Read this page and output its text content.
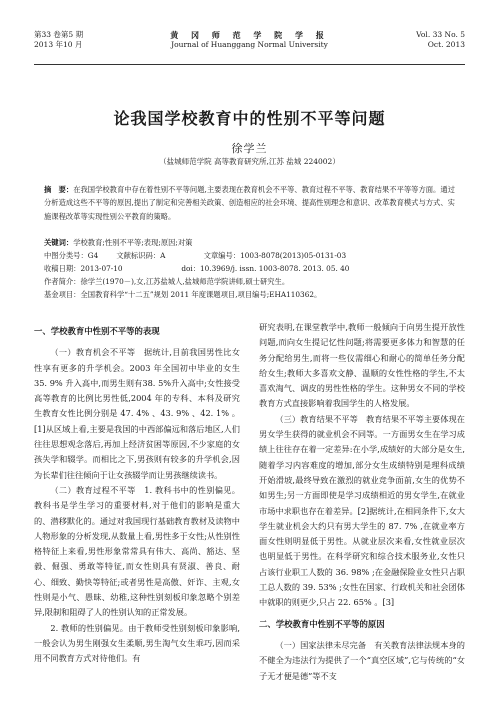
第33 卷第5 期
2013 年10 月
黄 冈 师 范 学 院 学 报
Journal of Huanggang Normal University
Vol. 33 No. 5
Oct. 2013
论我国学校教育中的性别不平等问题
徐学兰
（盐城师范学院 高等教育研究所,江苏 盐城 224002）
摘　要：在我国学校教育中存在着性别不平等问题,主要表现在教育机会不平等、教育过程不平等、教育结果不平等等方面。通过分析造成这些不平等的原因,提出了制定和完善相关政策、创造相应的社会环境、提高性别理念和意识、改革教育模式与方式、实施课程改革等实现性别公平教育的策略。
关键词：学校教育;性别不平等;表现;原因;对策
中图分类号：G4 文献标识码：A	文章编号：1003-8078(2013)05-0131-03
收稿日期：2013-07-10	doi：10.3969/j. issn. 1003-8078. 2013. 05. 40
作者简介：徐学兰(1970－),女,江苏盐城人,盐城师范学院讲师,硕士研究生。
基金项目：全国教育科学“十二五”规划 2011 年度课题项目,项目编号;EHA110362。

一、学校教育中性别不平等的表现

（一）教育机会不平等　据统计,目前我国男性比女性享有更多的升学机会。2003 年全国初中毕业的女生 35. 9% 升入高中,而男生则有38. 5%升入高中;女性接受高等教育的比例比男性低,2004 年的专科、本科及研究生教育女性比例分别是 47. 4% 、43. 9% 、42. 1% 。[1]从区域上看,主要是我国的中西部偏远和落后地区,人们往往思想观念落后,再加上经济贫困等原因,不少家庭的女孩失学和辍学。而相比之下,男孩则有较多的升学机会,因为长辈们往往倾向于让女孩辍学而让男孩继续读书。

（二）教育过程不平等　1. 教科书中的性别偏见。教科书是学生学习的重要材料,对于他们的影响是重大的、潜移默化的。通过对我国现行基础教育教材及读物中人物形象的分析发现,从数量上看,男性多于女性;从性别性格特征上来看,男性形象常常具有伟大、高尚、豁达、坚毅、倔强、勇敢等特征,而女性则具有贤淑、善良、耐心、细致、勤快等特征;或者男性是高傲、奸诈、主观,女性则是小气、愚昧、幼稚,这种性别刻板印象忽略个别差异,限制和阻碍了人的性别认知的正常发展。

2. 教师的性别偏见。由于教师受性别刻板印象影响,一般会认为男生刚强女生柔顺,男生淘气女生乖巧,因而采用不同教育方式对待他们。有

研究表明,在课堂教学中,教师一般倾向于向男生提开放性问题,而向女生提记忆性问题;将需要更多体力和智慧的任务分配给男生,而将一些仪需细心和耐心的简单任务分配给女生;教师大多喜欢文静、温顺的女性性格的学生,不太喜欢淘气、调皮的男性性格的学生。这种男女不同的学校教育方式直接影响着我国学生的人格发展。

（三）教育结果不平等　教育结果不平等主要体现在男女学生获得的就业机会不同等。一方面男女生在学习成绩上往往存在着一定差异:在小学,成绩好的大部分是女生,随着学习内容难度的增加,部分女生成绩特别是理科成绩开始滑坡,最终导致在激烈的就业竞争面前,女生的优势不如男生;另一方面即使是学习成绩相近的男女学生,在就业市场中求职也存在着差异。[2]据统计,在相同条件下,女大学生就业机会大约只有男大学生的 87. 7% ,在就业率方面女性则明显低于男性。从就业层次来看,女性就业层次也明显低于男性。在科学研究和综合技术服务业,女性只占该行业职工人数的 36. 98% ;在金融保险业女性只占职工总人数的 39. 53% ;女性在国家、行政机关和社会团体中就职的则更少,只占 22. 65% 。[3]

二、学校教育中性别不平等的原因

（一）国家法律未尽完备　有关教育法律法规本身的不健全为违法行为提供了一个“真空区域”,它与传统的“女子无才便是德”等不支
